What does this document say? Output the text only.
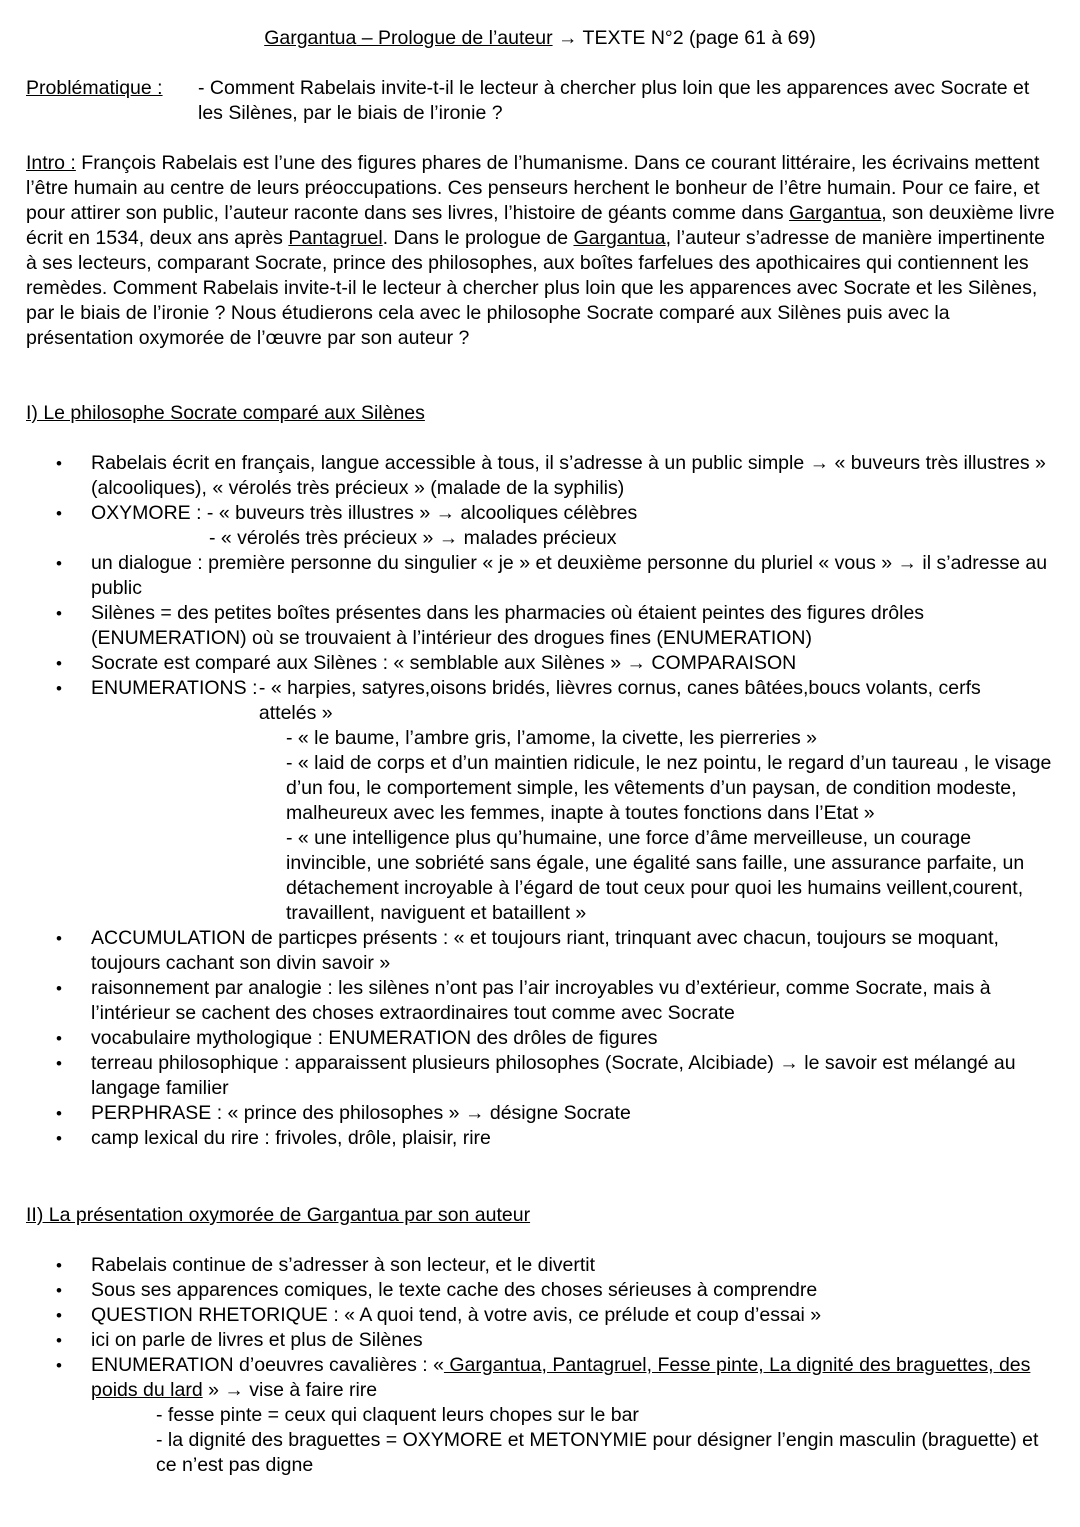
Gargantua – Prologue de l’auteur → TEXTE N°2 (page 61 à 69)
Problématique :- Comment Rabelais invite-t-il le lecteur à chercher plus loin que les apparences avec Socrate et les Silènes, par le biais de l’ironie ?
Intro : François Rabelais est l’une des figures phares de l’humanisme. Dans ce courant littéraire, les écrivains mettent l’être humain au centre de leurs préoccupations. Ces penseurs herchent le bonheur de l’être humain. Pour ce faire, et pour attirer son public, l’auteur raconte dans ses livres, l’histoire de géants comme dans Gargantua, son deuxième livre écrit en 1534, deux ans après Pantagruel. Dans le prologue de Gargantua, l’auteur s’adresse de manière impertinente à ses lecteurs, comparant Socrate, prince des philosophes, aux boîtes farfelues des apothicaires qui contiennent les remèdes. Comment Rabelais invite-t-il le lecteur à chercher plus loin que les apparences avec Socrate et les Silènes, par le biais de l’ironie ? Nous étudierons cela avec le philosophe Socrate comparé aux Silènes puis avec la présentation oxymorée de l’œuvre par son auteur ?
I) Le philosophe Socrate comparé aux Silènes
• Rabelais écrit en français, langue accessible à tous, il s’adresse à un public simple → « buveurs très illustres » (alcooliques), « vérolés très précieux » (malade de la syphilis)
• OXYMORE : - « buveurs très illustres » → alcooliques célèbres
- « vérolés très précieux » → malades précieux
• un dialogue : première personne du singulier « je » et deuxième personne du pluriel « vous » → il s’adresse au public
• Silènes = des petites boîtes présentes dans les pharmacies où étaient peintes des figures drôles (ENUMERATION) où se trouvaient à l’intérieur des drogues fines (ENUMERATION)
• Socrate est comparé aux Silènes : « semblable aux Silènes » → COMPARAISON
• ENUMERATIONS : - « harpies, satyres,oisons bridés, lièvres cornus, canes bâtées,boucs volants, cerfs attelés »
- « le baume, l’ambre gris, l’amome, la civette, les pierreries »
- « laid de corps et d’un maintien ridicule, le nez pointu, le regard d’un taureau , le visage d’un fou, le comportement simple, les vêtements d’un paysan, de condition modeste, malheureux avec les femmes, inapte à toutes fonctions dans l’Etat »
- « une intelligence plus qu’humaine, une force d’âme merveilleuse, un courage invincible, une sobriété sans égale, une égalité sans faille, une assurance parfaite, un détachement incroyable à l’égard de tout ceux pour quoi les humains veillent,courent, travaillent, naviguent et bataillent »
• ACCUMULATION de particpes présents : « et toujours riant, trinquant avec chacun, toujours se moquant, toujours cachant son divin savoir »
• raisonnement par analogie : les silènes n’ont pas l’air incroyables vu d’extérieur, comme Socrate, mais à l’intérieur se cachent des choses extraordinaires tout comme avec Socrate
• vocabulaire mythologique : ENUMERATION des drôles de figures
• terreau philosophique : apparaissent plusieurs philosophes (Socrate, Alcibiade) → le savoir est mélangé au langage familier
• PERPHRASE : « prince des philosophes » → désigne Socrate
• camp lexical du rire : frivoles, drôle, plaisir, rire
II) La présentation oxymorée de Gargantua par son auteur
• Rabelais continue de s’adresser à son lecteur, et le divertit
• Sous ses apparences comiques, le texte cache des choses sérieuses à comprendre
• QUESTION RHETORIQUE : « A quoi tend, à votre avis, ce prélude et coup d’essai »
• ici on parle de livres et plus de Silènes
• ENUMERATION d’oeuvres cavalières : « Gargantua, Pantagruel, Fesse pinte, La dignité des braguettes, des poids du lard » → vise à faire rire
- fesse pinte = ceux qui claquent leurs chopes sur le bar
- la dignité des braguettes = OXYMORE et METONYMIE pour désigner l’engin masculin (braguette) et ce n’est pas digne
